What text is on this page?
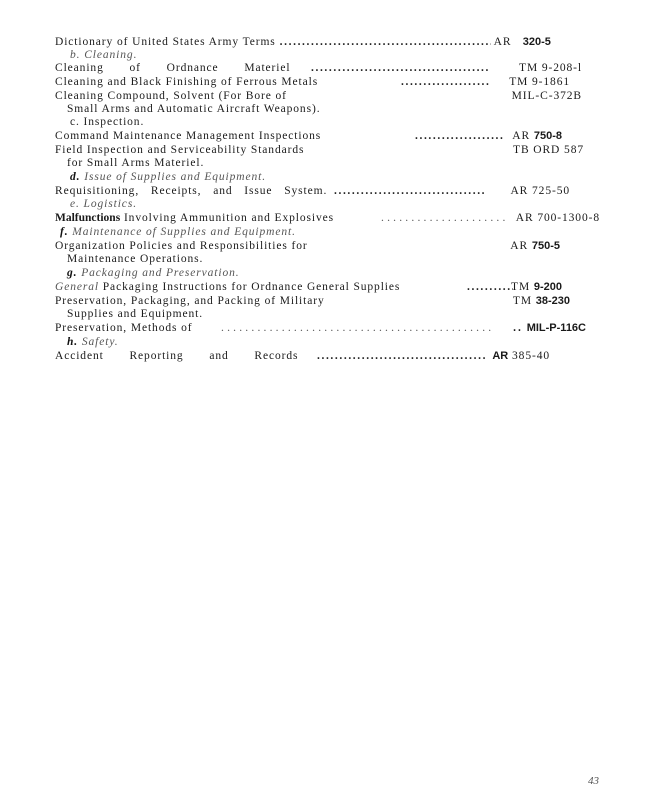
Dictionary of United States Army Terms .....	AR 320-5
b. Cleaning.
Cleaning of Ordnance Materiel .....	TM 9-208-l
Cleaning and Black Finishing of Ferrous Metals .....	TM 9-1861
Cleaning Compound, Solvent (For Bore of	MIL-C-372B
Small Arms and Automatic Aircraft Weapons).
c. Inspection.
Command Maintenance Management Inspections .....	AR 750-8
Field Inspection and Serviceability Standards	TB ORD 587
for Small Arms Materiel.
d. Issue of Supplies and Equipment.
Requisitioning, Receipts, and Issue System. .....	AR 725-50
e. Logistics.
Malfunctions Involving Ammunition and Explosives .....	AR 700-1300-8
f. Maintenance of Supplies and Equipment.
Organization Policies and Responsibilities for	AR 750-5
Maintenance Operations.
g. Packaging and Preservation.
General Packaging Instructions for Ordnance General Supplies .....	TM 9-200
Preservation, Packaging, and Packing of Military	TM 38-230
Supplies and Equipment.
Preservation, Methods of .....	.. MIL-P-116C
h. Safety.
Accident Reporting and Records .....	AR 385-40
43
